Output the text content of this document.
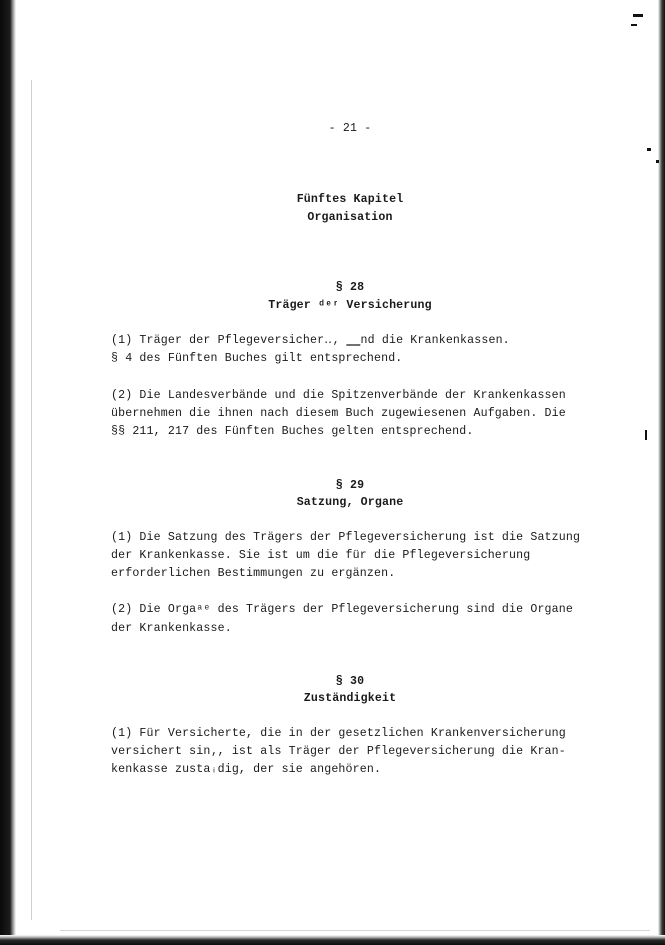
- 21 -

Fünftes Kapitel

Organisation

§ 28

Träger ᵈᵉʳ Versicherung

(1) Träger der Pflegeversicher‥‚ ‗‗nd die Krankenkassen.

§ 4 des Fünften Buches gilt entsprechend.

(2) Die Landesverbände und die Spitzenverbände der Krankenkassen

übernehmen die ihnen nach diesem Buch zugewiesenen Aufgaben. Die

§§ 211, 217 des Fünften Buches gelten entsprechend.

§ 29

Satzung, Organe

(1) Die Satzung des Trägers der Pflegeversicherung ist die Satzung

der Krankenkasse. Sie ist um die für die Pflegeversicherung

erforderlichen Bestimmungen zu ergänzen.

(2) Die Orgaᵃᵉ des Trägers der Pflegeversicherung sind die Organe

der Krankenkasse.

§ 30

Zuständigkeit

(1) Für Versicherte, die in der gesetzlichen Krankenversicherung

versichert sin‚, ist als Träger der Pflegeversicherung die Kran-

kenkasse zustaᵢdig, der sie angehören.
